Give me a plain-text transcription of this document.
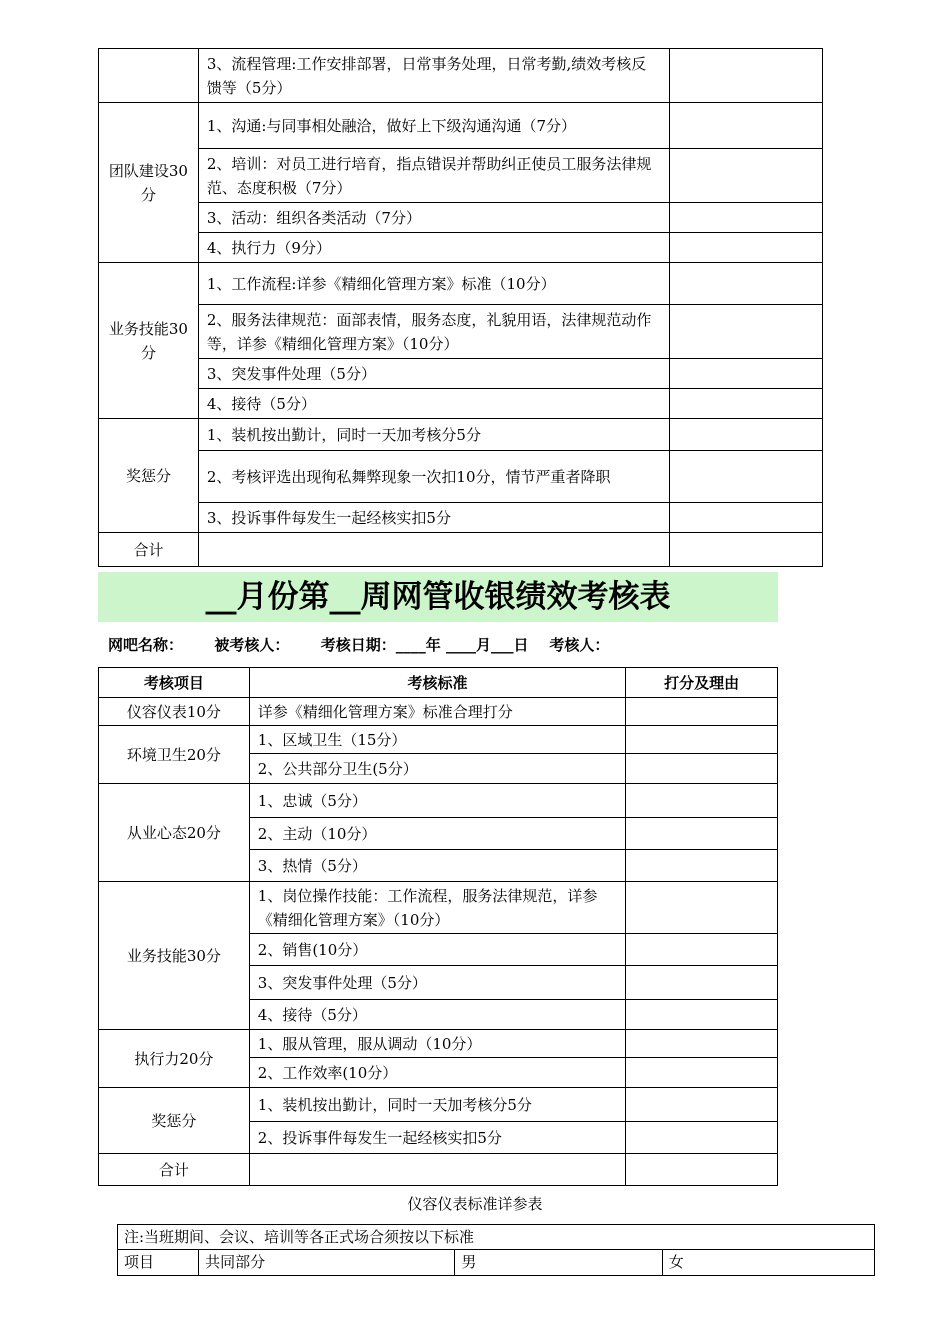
	3、流程管理:工作安排部署，日常事务处理，日常考勤,绩效考核反馈等（5分）	
团队建设30分	1、沟通:与同事相处融洽，做好上下级沟通沟通（7分）	
	2、培训：对员工进行培育，指点错误并帮助纠正使员工服务法律规范、态度积极（7分）	
	3、活动：组织各类活动（7分）	
	4、执行力（9分）	
业务技能30分	1、工作流程:详参《精细化管理方案》标准（10分）	
	2、服务法律规范：面部表情，服务态度，礼貌用语，法律规范动作等，详参《精细化管理方案》（10分）	
	3、突发事件处理（5分）	
	4、接待（5分）	
奖惩分	1、装机按出勤计，同时一天加考核分5分	
	2、考核评选出现徇私舞弊现象一次扣10分，情节严重者降职	
	3、投诉事件每发生一起经核实扣5分	
合计		
__月份第__周网管收银绩效考核表
网吧名称： 被考核人： 考核日期：____年 ____月___日 考核人：
考核项目	考核标准	打分及理由
仪容仪表10分	详参《精细化管理方案》标准合理打分	
环境卫生20分	1、区域卫生（15分）	
	2、公共部分卫生(5分）	
从业心态20分	1、忠诚（5分）	
	2、主动（10分）	
	3、热情（5分）	
业务技能30分	1、岗位操作技能：工作流程，服务法律规范，详参《精细化管理方案》（10分）	
	2、销售(10分）	
	3、突发事件处理（5分）	
	4、接待（5分）	
执行力20分	1、服从管理，服从调动（10分）	
	2、工作效率(10分）	
奖惩分	1、装机按出勤计，同时一天加考核分5分	
	2、投诉事件每发生一起经核实扣5分	
合计		
仪容仪表标准详参表
注:当班期间、会议、培训等各正式场合须按以下标准
项目	共同部分	男	女
